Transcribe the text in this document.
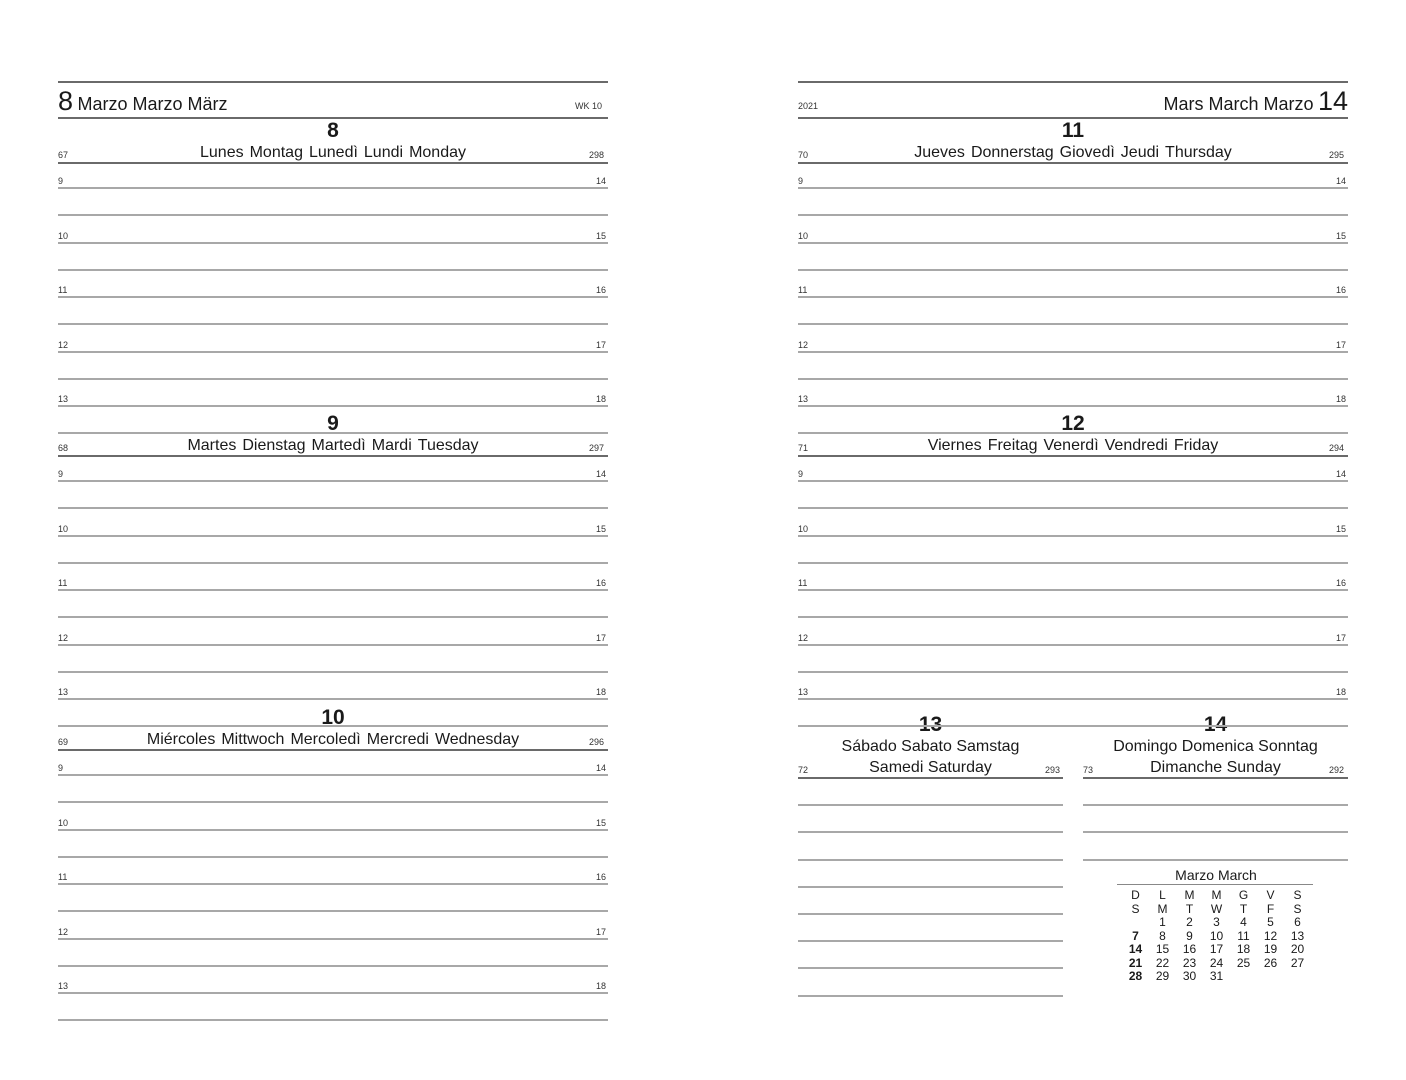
8 Marzo Marzo März	WK 10
8
Lunes Montag Lunedì Lundi Monday
67	298
9
Martes Dienstag Martedì Mardi Tuesday
68	297
10
Miércoles Mittwoch Mercoledì Mercredi Wednesday
69	296
9	14
10	15
11	16
12	17
13	18
9	14
10	15
11	16
12	17
13	18
9	14
10	15
11	16
12	17
13	18
2021	Mars March Marzo 14
11
Jueves Donnerstag Giovedì Jeudi Thursday
70	295
12
Viernes Freitag Venerdì Vendredi Friday
71	294
13
Sábado Sabato Samstag
Samedi Saturday
72	293
14
Domingo Domenica Sonntag
Dimanche Sunday
73	292
9	14
10	15
11	16
12	17
13	18
9	14
10	15
11	16
12	17
13	18
Marzo March
D	L	M	M	G	V	S
S	M	T	W	T	F	S
	1	2	3	4	5	6
7	8	9	10	11	12	13
14	15	16	17	18	19	20
21	22	23	24	25	26	27
28	29	30	31			
